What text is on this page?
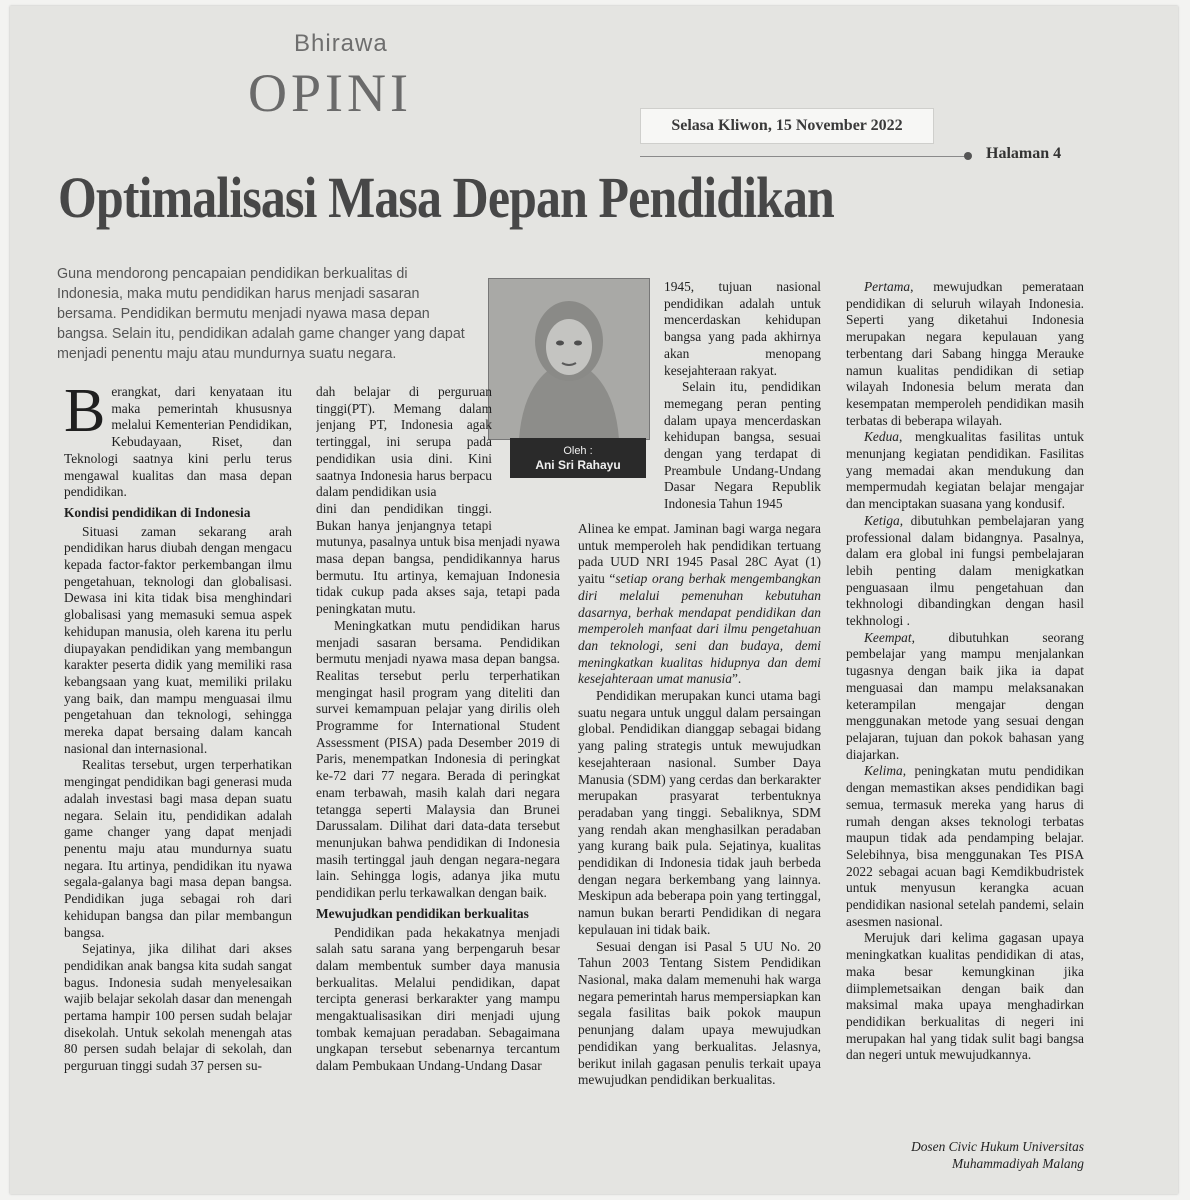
Bhirawa
OPINI
Selasa Kliwon, 15 November 2022
Halaman 4
Optimalisasi Masa Depan Pendidikan
Guna mendorong pencapaian pendidikan berkualitas di Indonesia, maka mutu pendidikan harus menjadi sasaran bersama. Pendidikan bermutu menjadi nyawa masa depan bangsa. Selain itu, pendidikan adalah game changer yang dapat menjadi penentu maju atau mundurnya suatu negara.
Oleh :
Ani Sri Rahayu

Berangkat, dari kenyataan itu maka pemerintah khususnya melalui Kementerian Pendidikan, Kebudayaan, Riset, dan Teknologi saatnya kini perlu terus mengawal kualitas dan masa depan pendidikan.

Kondisi pendidikan di Indonesia

Situasi zaman sekarang arah pendidikan harus diubah dengan mengacu kepada factor-faktor perkembangan ilmu pengetahuan, teknologi dan globalisasi. Dewasa ini kita tidak bisa menghindari globalisasi yang memasuki semua aspek kehidupan manusia, oleh karena itu perlu diupayakan pendidikan yang membangun karakter peserta didik yang memiliki rasa kebangsaan yang kuat, memiliki prilaku yang baik, dan mampu menguasai ilmu pengetahuan dan teknologi, sehingga mereka dapat bersaing dalam kancah nasional dan internasional.

Realitas tersebut, urgen terperhatikan mengingat pendidikan bagi generasi muda adalah investasi bagi masa depan suatu negara. Selain itu, pendidikan adalah game changer yang dapat menjadi penentu maju atau mundurnya suatu negara. Itu artinya, pendidikan itu nyawa segala-galanya bagi masa depan bangsa. Pendidikan juga sebagai roh dari kehidupan bangsa dan pilar membangun bangsa.

Sejatinya, jika dilihat dari akses pendidikan anak bangsa kita sudah sangat bagus. Indonesia sudah menyelesaikan wajib belajar sekolah dasar dan menengah pertama hampir 100 persen sudah belajar disekolah. Untuk sekolah menengah atas 80 persen sudah belajar di sekolah, dan perguruan tinggi sudah 37 persen su-

dah belajar di perguruan tinggi(PT). Memang dalam jenjang PT, Indonesia agak tertinggal, ini serupa pada pendidikan usia dini. Kini saatnya Indonesia harus berpacu dalam pendidikan usia

dini dan pendidikan tinggi. Bukan hanya jenjangnya tetapi mutunya, pasalnya untuk bisa menjadi nyawa masa depan bangsa, pendidikannya harus bermutu. Itu artinya, kemajuan Indonesia tidak cukup pada akses saja, tetapi pada peningkatan mutu.

Meningkatkan mutu pendidikan harus menjadi sasaran bersama. Pendidikan bermutu menjadi nyawa masa depan bangsa. Realitas tersebut perlu terperhatikan mengingat hasil program yang diteliti dan survei kemampuan pelajar yang dirilis oleh Programme for International Student Assessment (PISA) pada Desember 2019 di Paris, menempatkan Indonesia di peringkat ke-72 dari 77 negara. Berada di peringkat enam terbawah, masih kalah dari negara tetangga seperti Malaysia dan Brunei Darussalam. Dilihat dari data-data tersebut menunjukan bahwa pendidikan di Indonesia masih tertinggal jauh dengan negara-negara lain. Sehingga logis, adanya jika mutu pendidikan perlu terkawalkan dengan baik.

Mewujudkan pendidikan berkualitas

Pendidikan pada hekakatnya menjadi salah satu sarana yang berpengaruh besar dalam membentuk sumber daya manusia berkualitas. Melalui pendidikan, dapat tercipta generasi berkarakter yang mampu mengaktualisasikan diri menjadi ujung tombak kemajuan peradaban. Sebagaimana ungkapan tersebut sebenarnya tercantum dalam Pembukaan Undang-Undang Dasar

1945, tujuan nasional pendidikan adalah untuk mencerdaskan kehidupan bangsa yang pada akhirnya akan menopang kesejahteraan rakyat.

Selain itu, pendidikan memegang peran penting dalam upaya mencerdaskan kehidupan bangsa, sesuai dengan yang terdapat di Preambule Undang-Undang Dasar Negara Republik Indonesia Tahun 1945

Alinea ke empat. Jaminan bagi warga negara untuk memperoleh hak pendidikan tertuang pada UUD NRI 1945 Pasal 28C Ayat (1) yaitu “setiap orang berhak mengembangkan diri melalui pemenuhan kebutuhan dasarnya, berhak mendapat pendidikan dan memperoleh manfaat dari ilmu pengetahuan dan teknologi, seni dan budaya, demi meningkatkan kualitas hidupnya dan demi kesejahteraan umat manusia”.

Pendidikan merupakan kunci utama bagi suatu negara untuk unggul dalam persaingan global. Pendidikan dianggap sebagai bidang yang paling strategis untuk mewujudkan kesejahteraan nasional. Sumber Daya Manusia (SDM) yang cerdas dan berkarakter merupakan prasyarat terbentuknya peradaban yang tinggi. Sebaliknya, SDM yang rendah akan menghasilkan peradaban yang kurang baik pula. Sejatinya, kualitas pendidikan di Indonesia tidak jauh berbeda dengan negara berkembang yang lainnya. Meskipun ada beberapa poin yang tertinggal, namun bukan berarti Pendidikan di negara kepulauan ini tidak baik.

Sesuai dengan isi Pasal 5 UU No. 20 Tahun 2003 Tentang Sistem Pendidikan Nasional, maka dalam memenuhi hak warga negara pemerintah harus mempersiapkan kan segala fasilitas baik pokok maupun penunjang dalam upaya mewujudkan pendidikan yang berkualitas. Jelasnya, berikut inilah gagasan penulis terkait upaya mewujudkan pendidikan berkualitas.

Pertama, mewujudkan pemerataan pendidikan di seluruh wilayah Indonesia. Seperti yang diketahui Indonesia merupakan negara kepulauan yang terbentang dari Sabang hingga Merauke namun kualitas pendidikan di setiap wilayah Indonesia belum merata dan kesempatan memperoleh pendidikan masih terbatas di beberapa wilayah.

Kedua, mengkualitas fasilitas untuk menunjang kegiatan pendidikan. Fasilitas yang memadai akan mendukung dan mempermudah kegiatan belajar mengajar dan menciptakan suasana yang kondusif.

Ketiga, dibutuhkan pembelajaran yang professional dalam bidangnya. Pasalnya, dalam era global ini fungsi pembelajaran lebih penting dalam menigkatkan penguasaan ilmu pengetahuan dan tekhnologi dibandingkan dengan hasil tekhnologi .

Keempat, dibutuhkan seorang pembelajar yang mampu menjalankan tugasnya dengan baik jika ia dapat menguasai dan mampu melaksanakan keterampilan mengajar dengan menggunakan metode yang sesuai dengan pelajaran, tujuan dan pokok bahasan yang diajarkan.

Kelima, peningkatan mutu pendidikan dengan memastikan akses pendidikan bagi semua, termasuk mereka yang harus di rumah dengan akses teknologi terbatas maupun tidak ada pendamping belajar. Selebihnya, bisa menggunakan Tes PISA 2022 sebagai acuan bagi Kemdikbudristek untuk menyusun kerangka acuan pendidikan nasional setelah pandemi, selain asesmen nasional.

Merujuk dari kelima gagasan upaya meningkatkan kualitas pendidikan di atas, maka besar kemungkinan jika diimplemetsaikan dengan baik dan maksimal maka upaya menghadirkan pendidikan berkualitas di negeri ini merupakan hal yang tidak sulit bagi bangsa dan negeri untuk mewujudkannya.

Dosen Civic Hukum Universitas
Muhammadiyah Malang
